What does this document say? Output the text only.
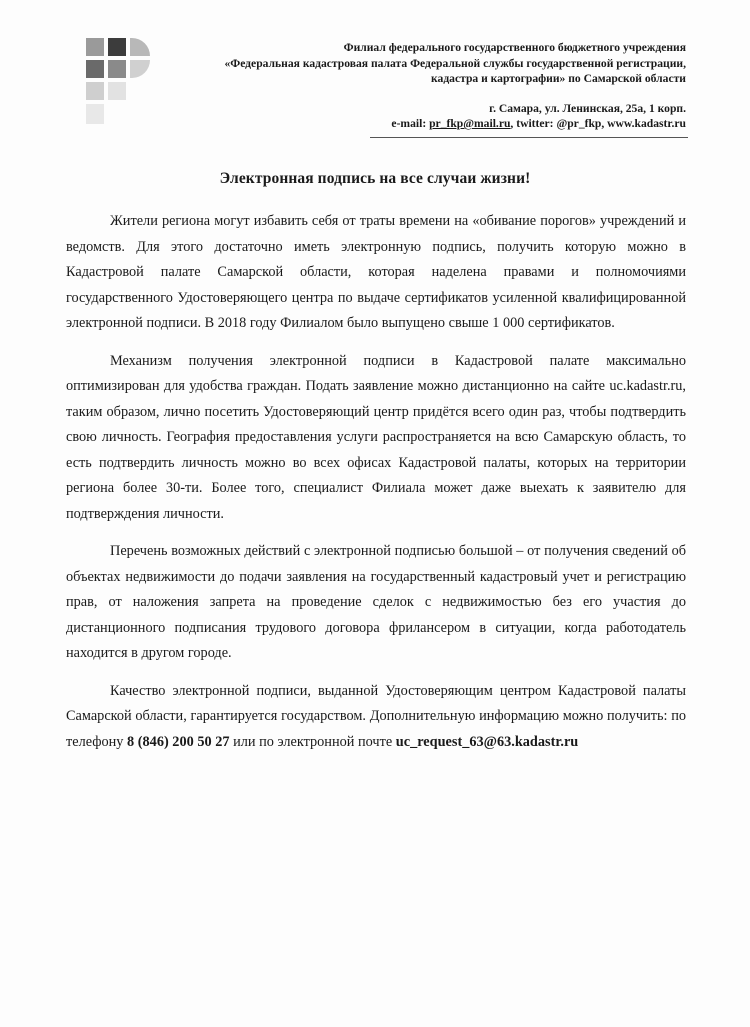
Филиал федерального государственного бюджетного учреждения
«Федеральная кадастровая палата Федеральной службы государственной регистрации,
кадастра и картографии» по Самарской области
г. Самара, ул. Ленинская, 25а, 1 корп.
e-mail: pr_fkp@mail.ru, twitter: @pr_fkp, www.kadastr.ru
Электронная подпись на все случаи жизни!

Жители региона могут избавить себя от траты времени на «обивание порогов» учреждений и ведомств. Для этого достаточно иметь электронную подпись, получить которую можно в Кадастровой палате Самарской области, которая наделена правами и полномочиями государственного Удостоверяющего центра по выдаче сертификатов усиленной квалифицированной электронной подписи. В 2018 году Филиалом было выпущено свыше 1 000 сертификатов.

Механизм получения электронной подписи в Кадастровой палате максимально оптимизирован для удобства граждан. Подать заявление можно дистанционно на сайте uc.kadastr.ru, таким образом, лично посетить Удостоверяющий центр придётся всего один раз, чтобы подтвердить свою личность. География предоставления услуги распространяется на всю Самарскую область, то есть подтвердить личность можно во всех офисах Кадастровой палаты, которых на территории региона более 30-ти. Более того, специалист Филиала может даже выехать к заявителю для подтверждения личности.

Перечень возможных действий с электронной подписью большой – от получения сведений об объектах недвижимости до подачи заявления на государственный кадастровый учет и регистрацию прав, от наложения запрета на проведение сделок с недвижимостью без его участия до дистанционного подписания трудового договора фрилансером в ситуации, когда работодатель находится в другом городе.

Качество электронной подписи, выданной Удостоверяющим центром Кадастровой палаты Самарской области, гарантируется государством. Дополнительную информацию можно получить: по телефону 8 (846) 200 50 27 или по электронной почте uc_request_63@63.kadastr.ru
